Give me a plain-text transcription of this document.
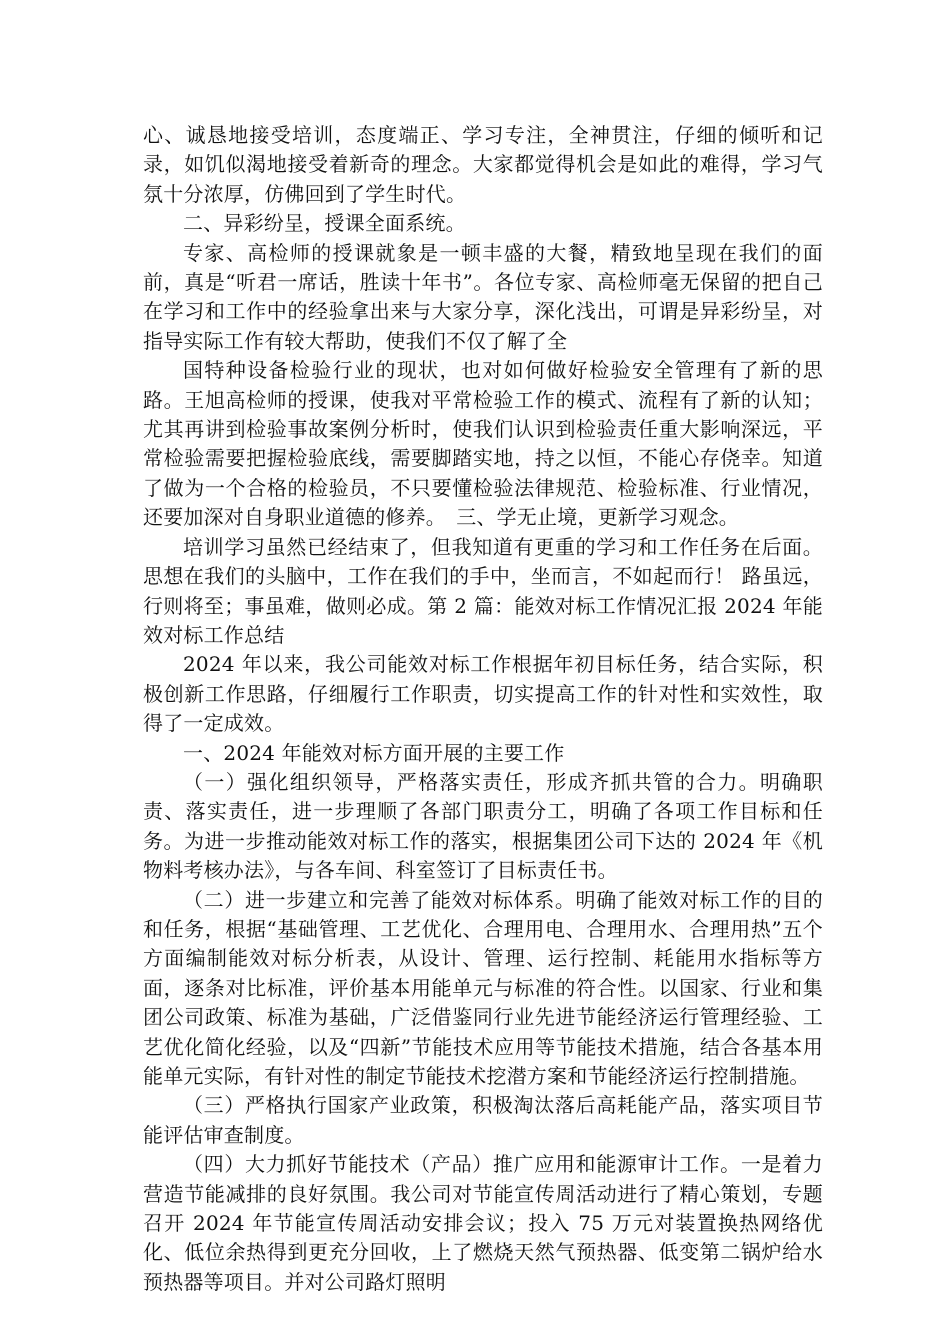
心、诚恳地接受培训，态度端正、学习专注，全神贯注，仔细的倾听和记录，如饥似渴地接受着新奇的理念。大家都觉得机会是如此的难得，学习气氛十分浓厚，仿佛回到了学生时代。

二、异彩纷呈，授课全面系统。

专家、高检师的授课就象是一顿丰盛的大餐，精致地呈现在我们的面前，真是“听君一席话，胜读十年书”。各位专家、高检师毫无保留的把自己在学习和工作中的经验拿出来与大家分享，深化浅出，可谓是异彩纷呈，对指导实际工作有较大帮助，使我们不仅了解了全

国特种设备检验行业的现状，也对如何做好检验安全管理有了新的思路。王旭高检师的授课，使我对平常检验工作的模式、流程有了新的认知；尤其再讲到检验事故案例分析时，使我们认识到检验责任重大影响深远，平常检验需要把握检验底线，需要脚踏实地，持之以恒，不能心存侥幸。知道了做为一个合格的检验员，不只要懂检验法律规范、检验标准、行业情况，还要加深对自身职业道德的修养。　三、学无止境，更新学习观念。

培训学习虽然已经结束了，但我知道有更重的学习和工作任务在后面。思想在我们的头脑中，工作在我们的手中，坐而言，不如起而行！ 路虽远，行则将至；事虽难，做则必成。第 2 篇：能效对标工作情况汇报 2024 年能效对标工作总结

2024 年以来，我公司能效对标工作根据年初目标任务，结合实际，积极创新工作思路，仔细履行工作职责，切实提高工作的针对性和实效性，取得了一定成效。

一、2024 年能效对标方面开展的主要工作

（一）强化组织领导，严格落实责任，形成齐抓共管的合力。明确职责、落实责任，进一步理顺了各部门职责分工，明确了各项工作目标和任务。为进一步推动能效对标工作的落实，根据集团公司下达的 2024 年《机物料考核办法》，与各车间、科室签订了目标责任书。

（二）进一步建立和完善了能效对标体系。明确了能效对标工作的目的和任务，根据“基础管理、工艺优化、合理用电、合理用水、合理用热”五个方面编制能效对标分析表，从设计、管理、运行控制、耗能用水指标等方面，逐条对比标准，评价基本用能单元与标准的符合性。以国家、行业和集团公司政策、标准为基础，广泛借鉴同行业先进节能经济运行管理经验、工艺优化简化经验，以及“四新”节能技术应用等节能技术措施，结合各基本用能单元实际，有针对性的制定节能技术挖潜方案和节能经济运行控制措施。

（三）严格执行国家产业政策，积极淘汰落后高耗能产品，落实项目节能评估审查制度。

（四）大力抓好节能技术（产品）推广应用和能源审计工作。一是着力营造节能减排的良好氛围。我公司对节能宣传周活动进行了精心策划，专题召开 2024 年节能宣传周活动安排会议；投入 75 万元对装置换热网络优化、低位余热得到更充分回收，上了燃烧天然气预热器、低变第二锅炉给水预热器等项目。并对公司路灯照明
